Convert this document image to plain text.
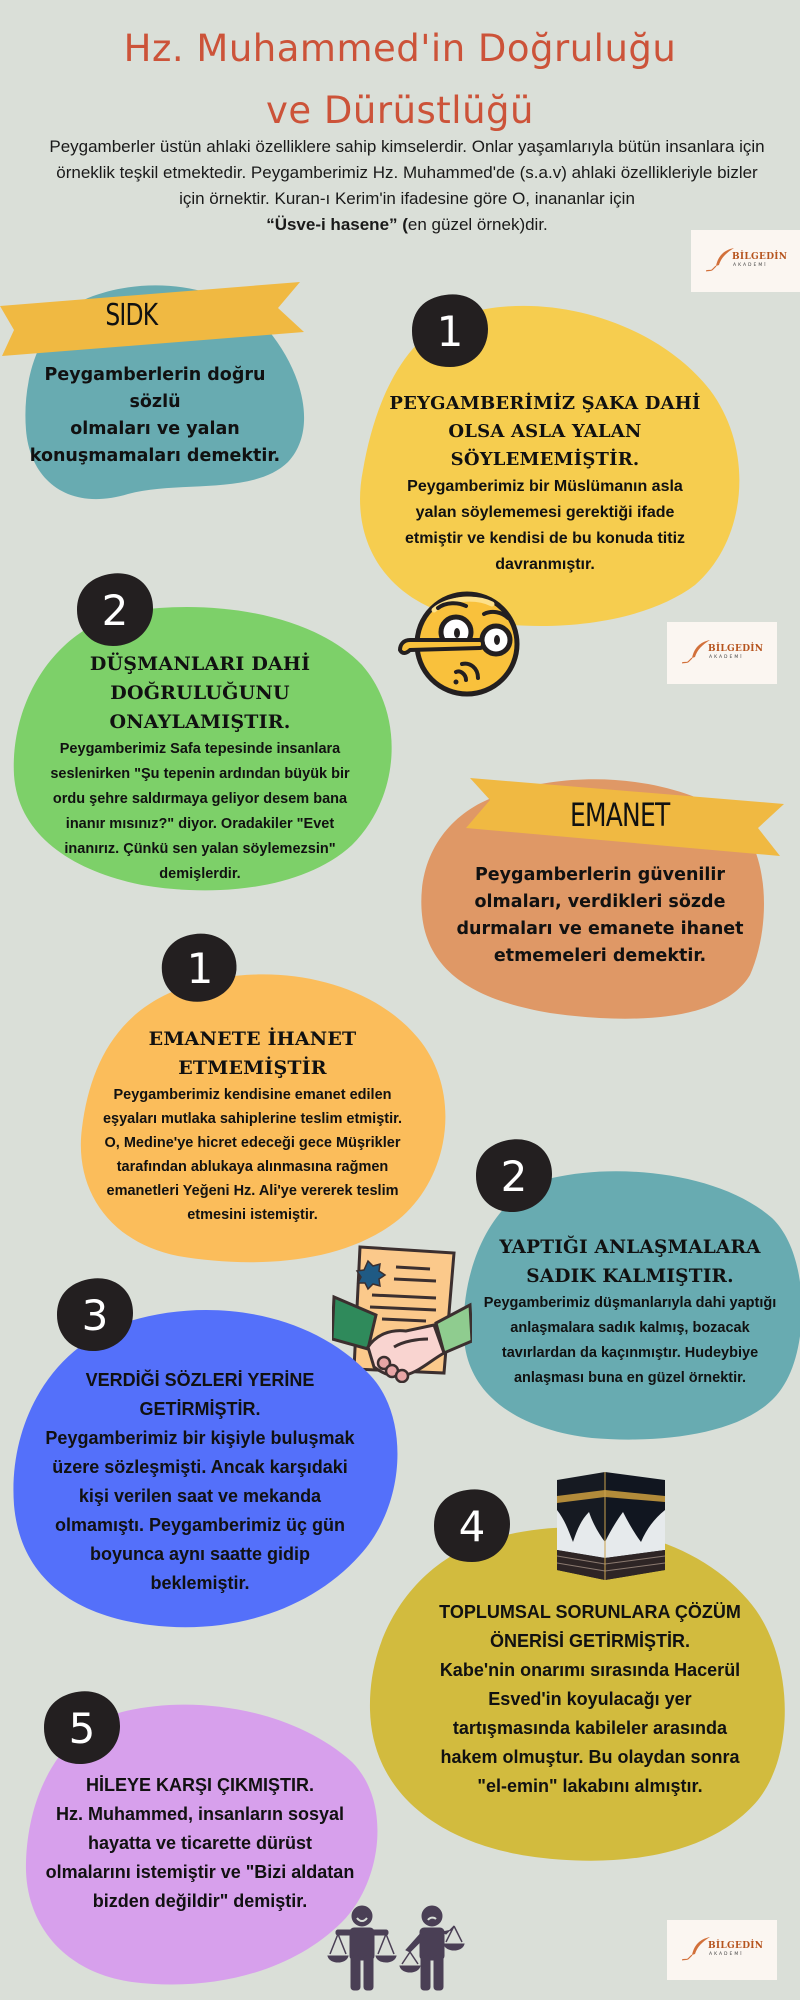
Hz. Muhammed'in Doğruluğu
ve Dürüstlüğü
Peygamberler üstün ahlaki özelliklere sahip kimselerdir. Onlar yaşamlarıyla bütün insanlara için
örneklik teşkil etmektedir. Peygamberimiz Hz. Muhammed'de (s.a.v) ahlaki özellikleriyle bizler
için örnektir. Kuran-ı Kerim'in ifadesine göre O, inananlar için
“Üsve-i hasene” (en güzel örnek)dir.
BİLGEDİN
AKADEMİ
SIDK
Peygamberlerin doğru sözlü
olmaları ve yalan
konuşmamaları demektir.
1
PEYGAMBERİMİZ ŞAKA DAHİ
OLSA ASLA YALAN
SÖYLEMEMİŞTİR.
Peygamberimiz bir Müslümanın asla
yalan söylememesi gerektiği ifade
etmiştir ve kendisi de bu konuda titiz
davranmıştır.
BİLGEDİN
AKADEMİ
2
DÜŞMANLARI DAHİ
DOĞRULUĞUNU
ONAYLAMIŞTIR.
Peygamberimiz Safa tepesinde insanlara
seslenirken "Şu tepenin ardından büyük bir
ordu şehre saldırmaya geliyor desem bana
inanır mısınız?" diyor. Oradakiler "Evet
inanırız. Çünkü sen yalan söylemezsin"
demişlerdir.
EMANET
Peygamberlerin güvenilir
olmaları, verdikleri sözde
durmaları ve emanete ihanet
etmemeleri demektir.
1
EMANETE İHANET
ETMEMİŞTİR
Peygamberimiz kendisine emanet edilen
eşyaları mutlaka sahiplerine teslim etmiştir.
O, Medine'ye hicret edeceği gece Müşrikler
tarafından ablukaya alınmasına rağmen
emanetleri Yeğeni Hz. Ali'ye vererek teslim
etmesini istemiştir.
2
YAPTIĞI ANLAŞMALARA
SADIK KALMIŞTIR.
Peygamberimiz düşmanlarıyla dahi yaptığı
anlaşmalara sadık kalmış, bozacak
tavırlardan da kaçınmıştır. Hudeybiye
anlaşması buna en güzel örnektir.
3
VERDİĞİ SÖZLERİ YERİNE
GETİRMİŞTİR.
Peygamberimiz bir kişiyle buluşmak
üzere sözleşmişti. Ancak karşıdaki
kişi verilen saat ve mekanda
olmamıştı. Peygamberimiz üç gün
boyunca aynı saatte gidip
beklemiştir.
4
TOPLUMSAL SORUNLARA ÇÖZÜM
ÖNERİSİ GETİRMİŞTİR.
Kabe'nin onarımı sırasında Hacerül
Esved'in koyulacağı yer
tartışmasında kabileler arasında
hakem olmuştur. Bu olaydan sonra
"el-emin" lakabını almıştır.
5
HİLEYE KARŞI ÇIKMIŞTIR.
Hz. Muhammed, insanların sosyal
hayatta ve ticarette dürüst
olmalarını istemiştir ve "Bizi aldatan
bizden değildir" demiştir.
BİLGEDİN
AKADEMİ
